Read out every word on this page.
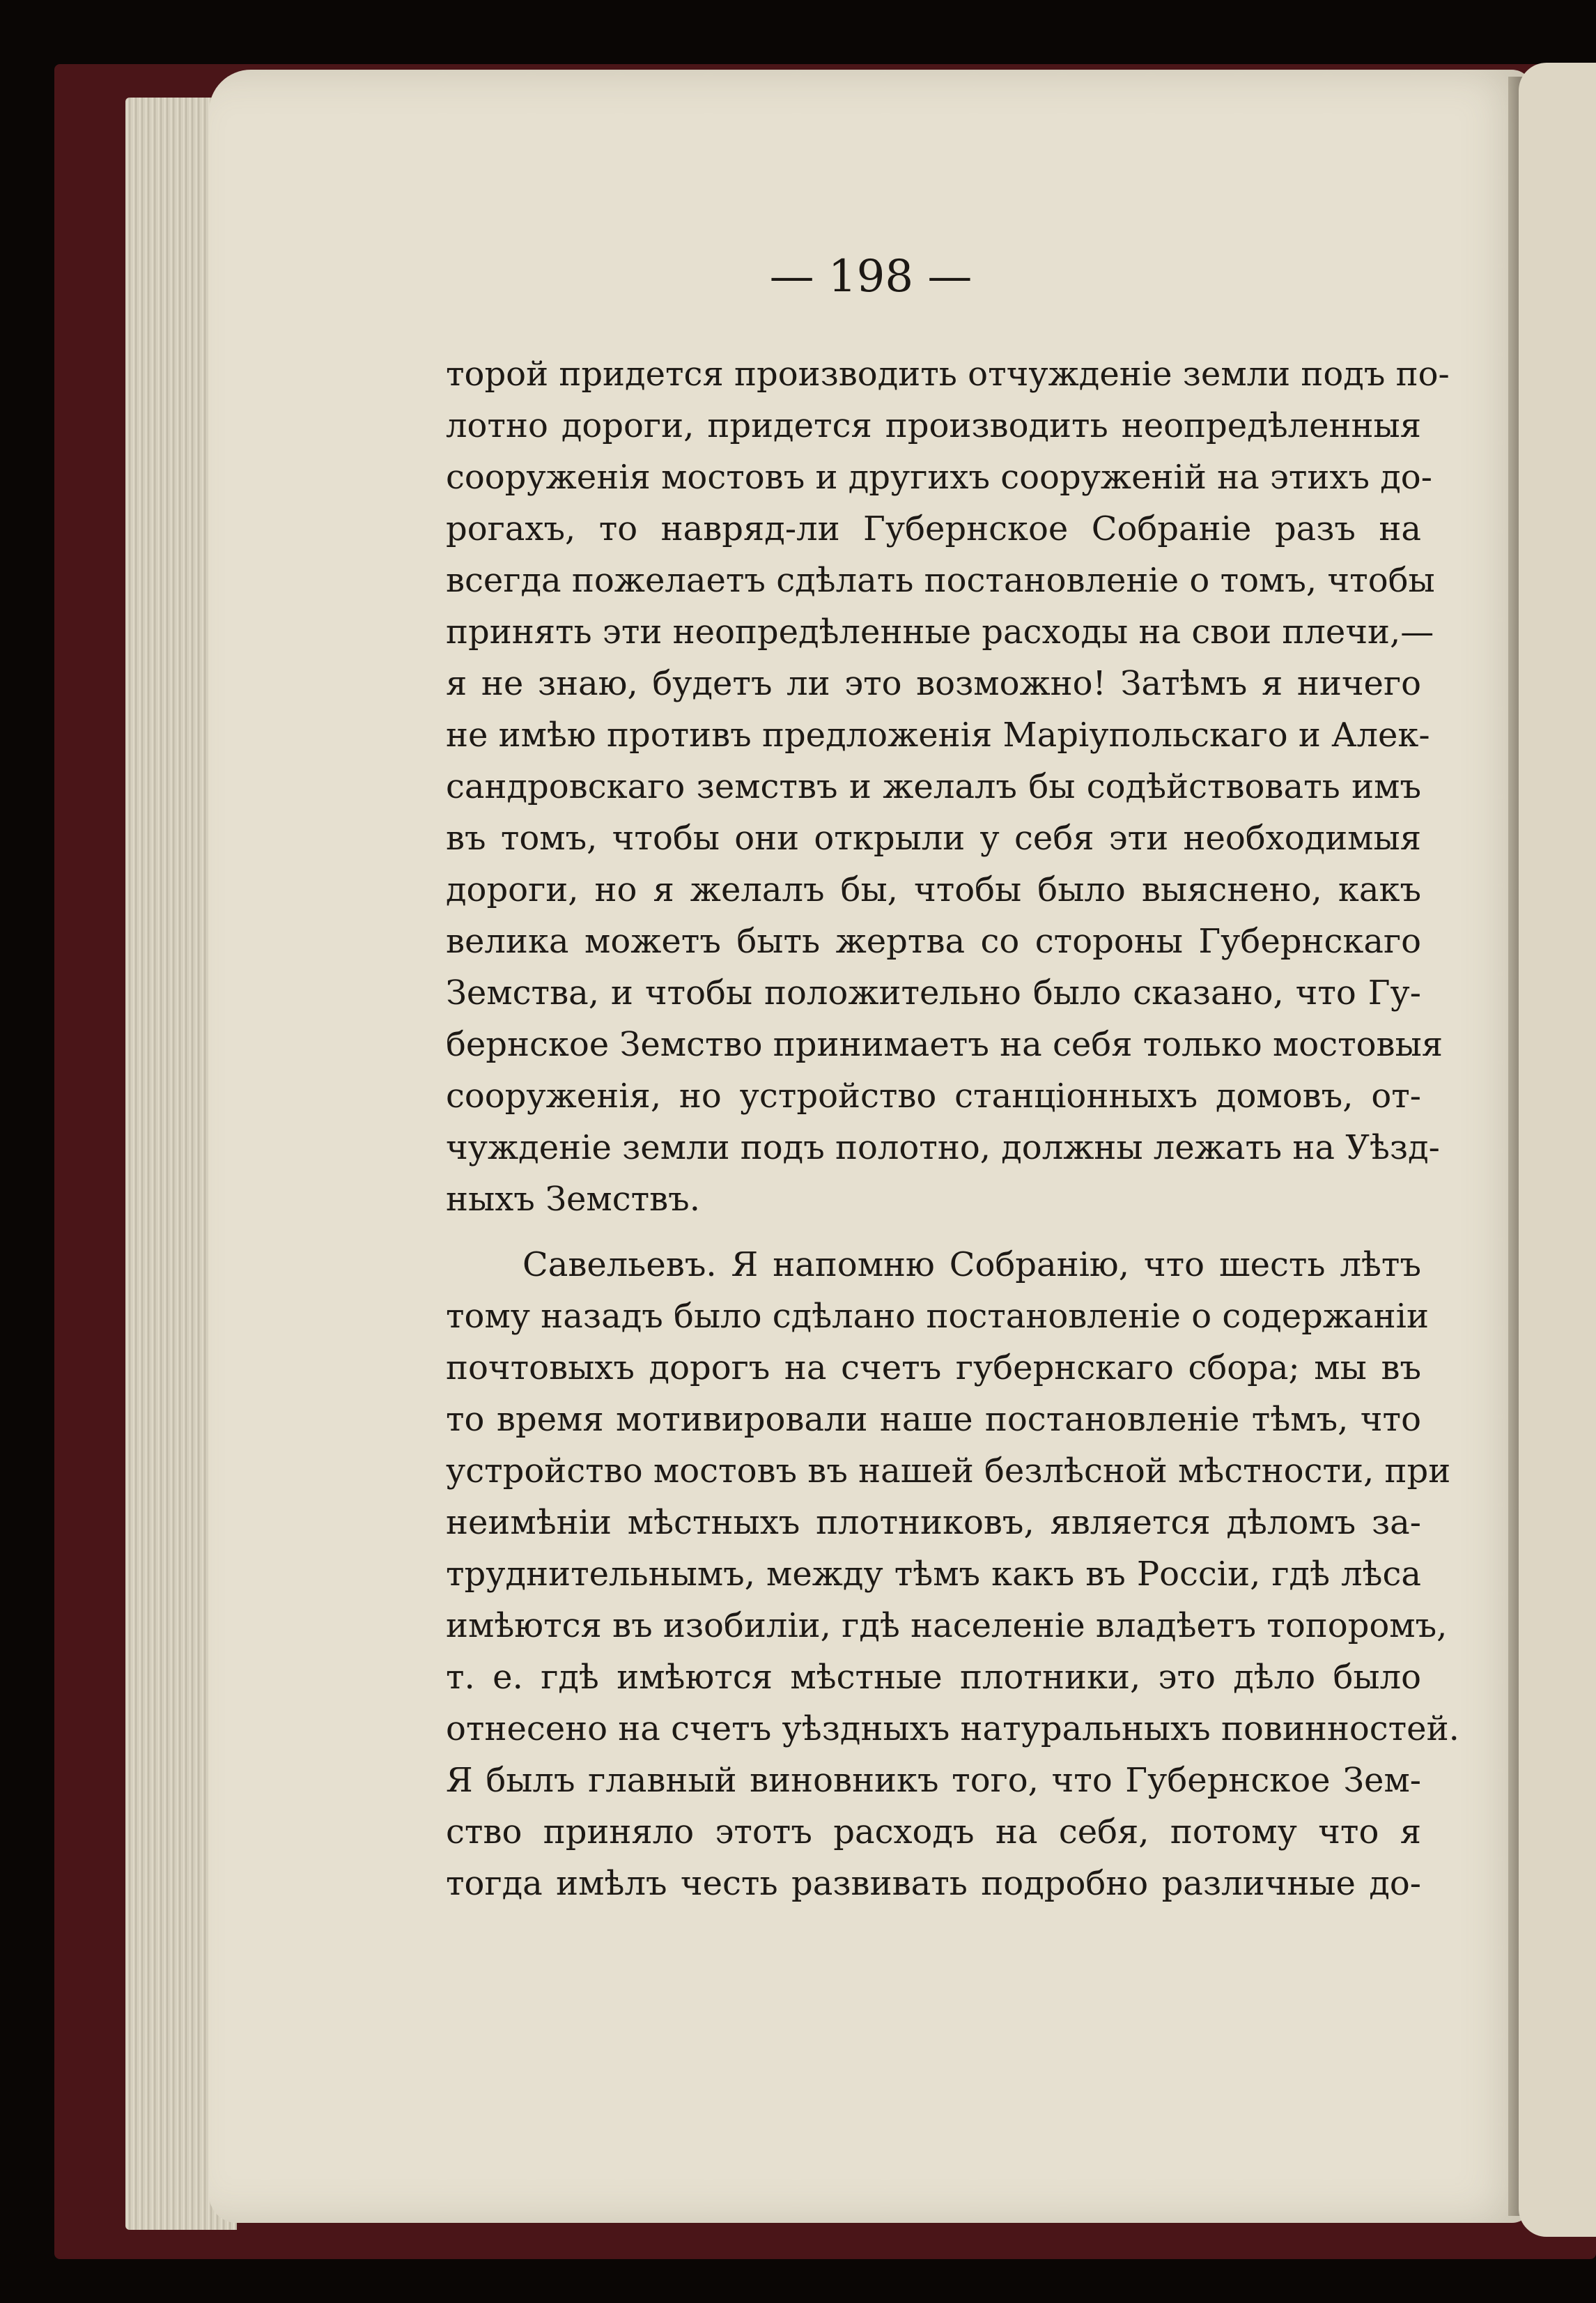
— 198 —
торой придется производить отчужденіе земли подъ по-
лотно дороги, придется производить неопредѣленныя
сооруженія мостовъ и другихъ сооруженій на этихъ до-
рогахъ, то навряд-ли Губернское Собраніе разъ на
всегда пожелаетъ сдѣлать постановленіе о томъ, чтобы
принять эти неопредѣленные расходы на свои плечи,—
я не знаю, будетъ ли это возможно! Затѣмъ я ничего
не имѣю противъ предложенія Маріупольскаго и Алек-
сандровскаго земствъ и желалъ бы содѣйствовать имъ
въ томъ, чтобы они открыли у себя эти необходимыя
дороги, но я желалъ бы, чтобы было выяснено, какъ
велика можетъ быть жертва со стороны Губернскаго
Земства, и чтобы положительно было сказано, что Гу-
бернское Земство принимаетъ на себя только мостовыя
сооруженія, но устройство станціонныхъ домовъ, от-
чужденіе земли подъ полотно, должны лежать на Уѣзд-
ныхъ Земствъ.
Савельевъ. Я напомню Собранію, что шесть лѣтъ
тому назадъ было сдѣлано постановленіе о содержаніи
почтовыхъ дорогъ на счетъ губернскаго сбора; мы въ
то время мотивировали наше постановленіе тѣмъ, что
устройство мостовъ въ нашей безлѣсной мѣстности, при
неимѣніи мѣстныхъ плотниковъ, является дѣломъ за-
труднительнымъ, между тѣмъ какъ въ Россіи, гдѣ лѣса
имѣются въ изобиліи, гдѣ населеніе владѣетъ топоромъ,
т. е. гдѣ имѣются мѣстные плотники, это дѣло было
отнесено на счетъ уѣздныхъ натуральныхъ повинностей.
Я былъ главный виновникъ того, что Губернское Зем-
ство приняло этотъ расходъ на себя, потому что я
тогда имѣлъ честь развивать подробно различные до-
